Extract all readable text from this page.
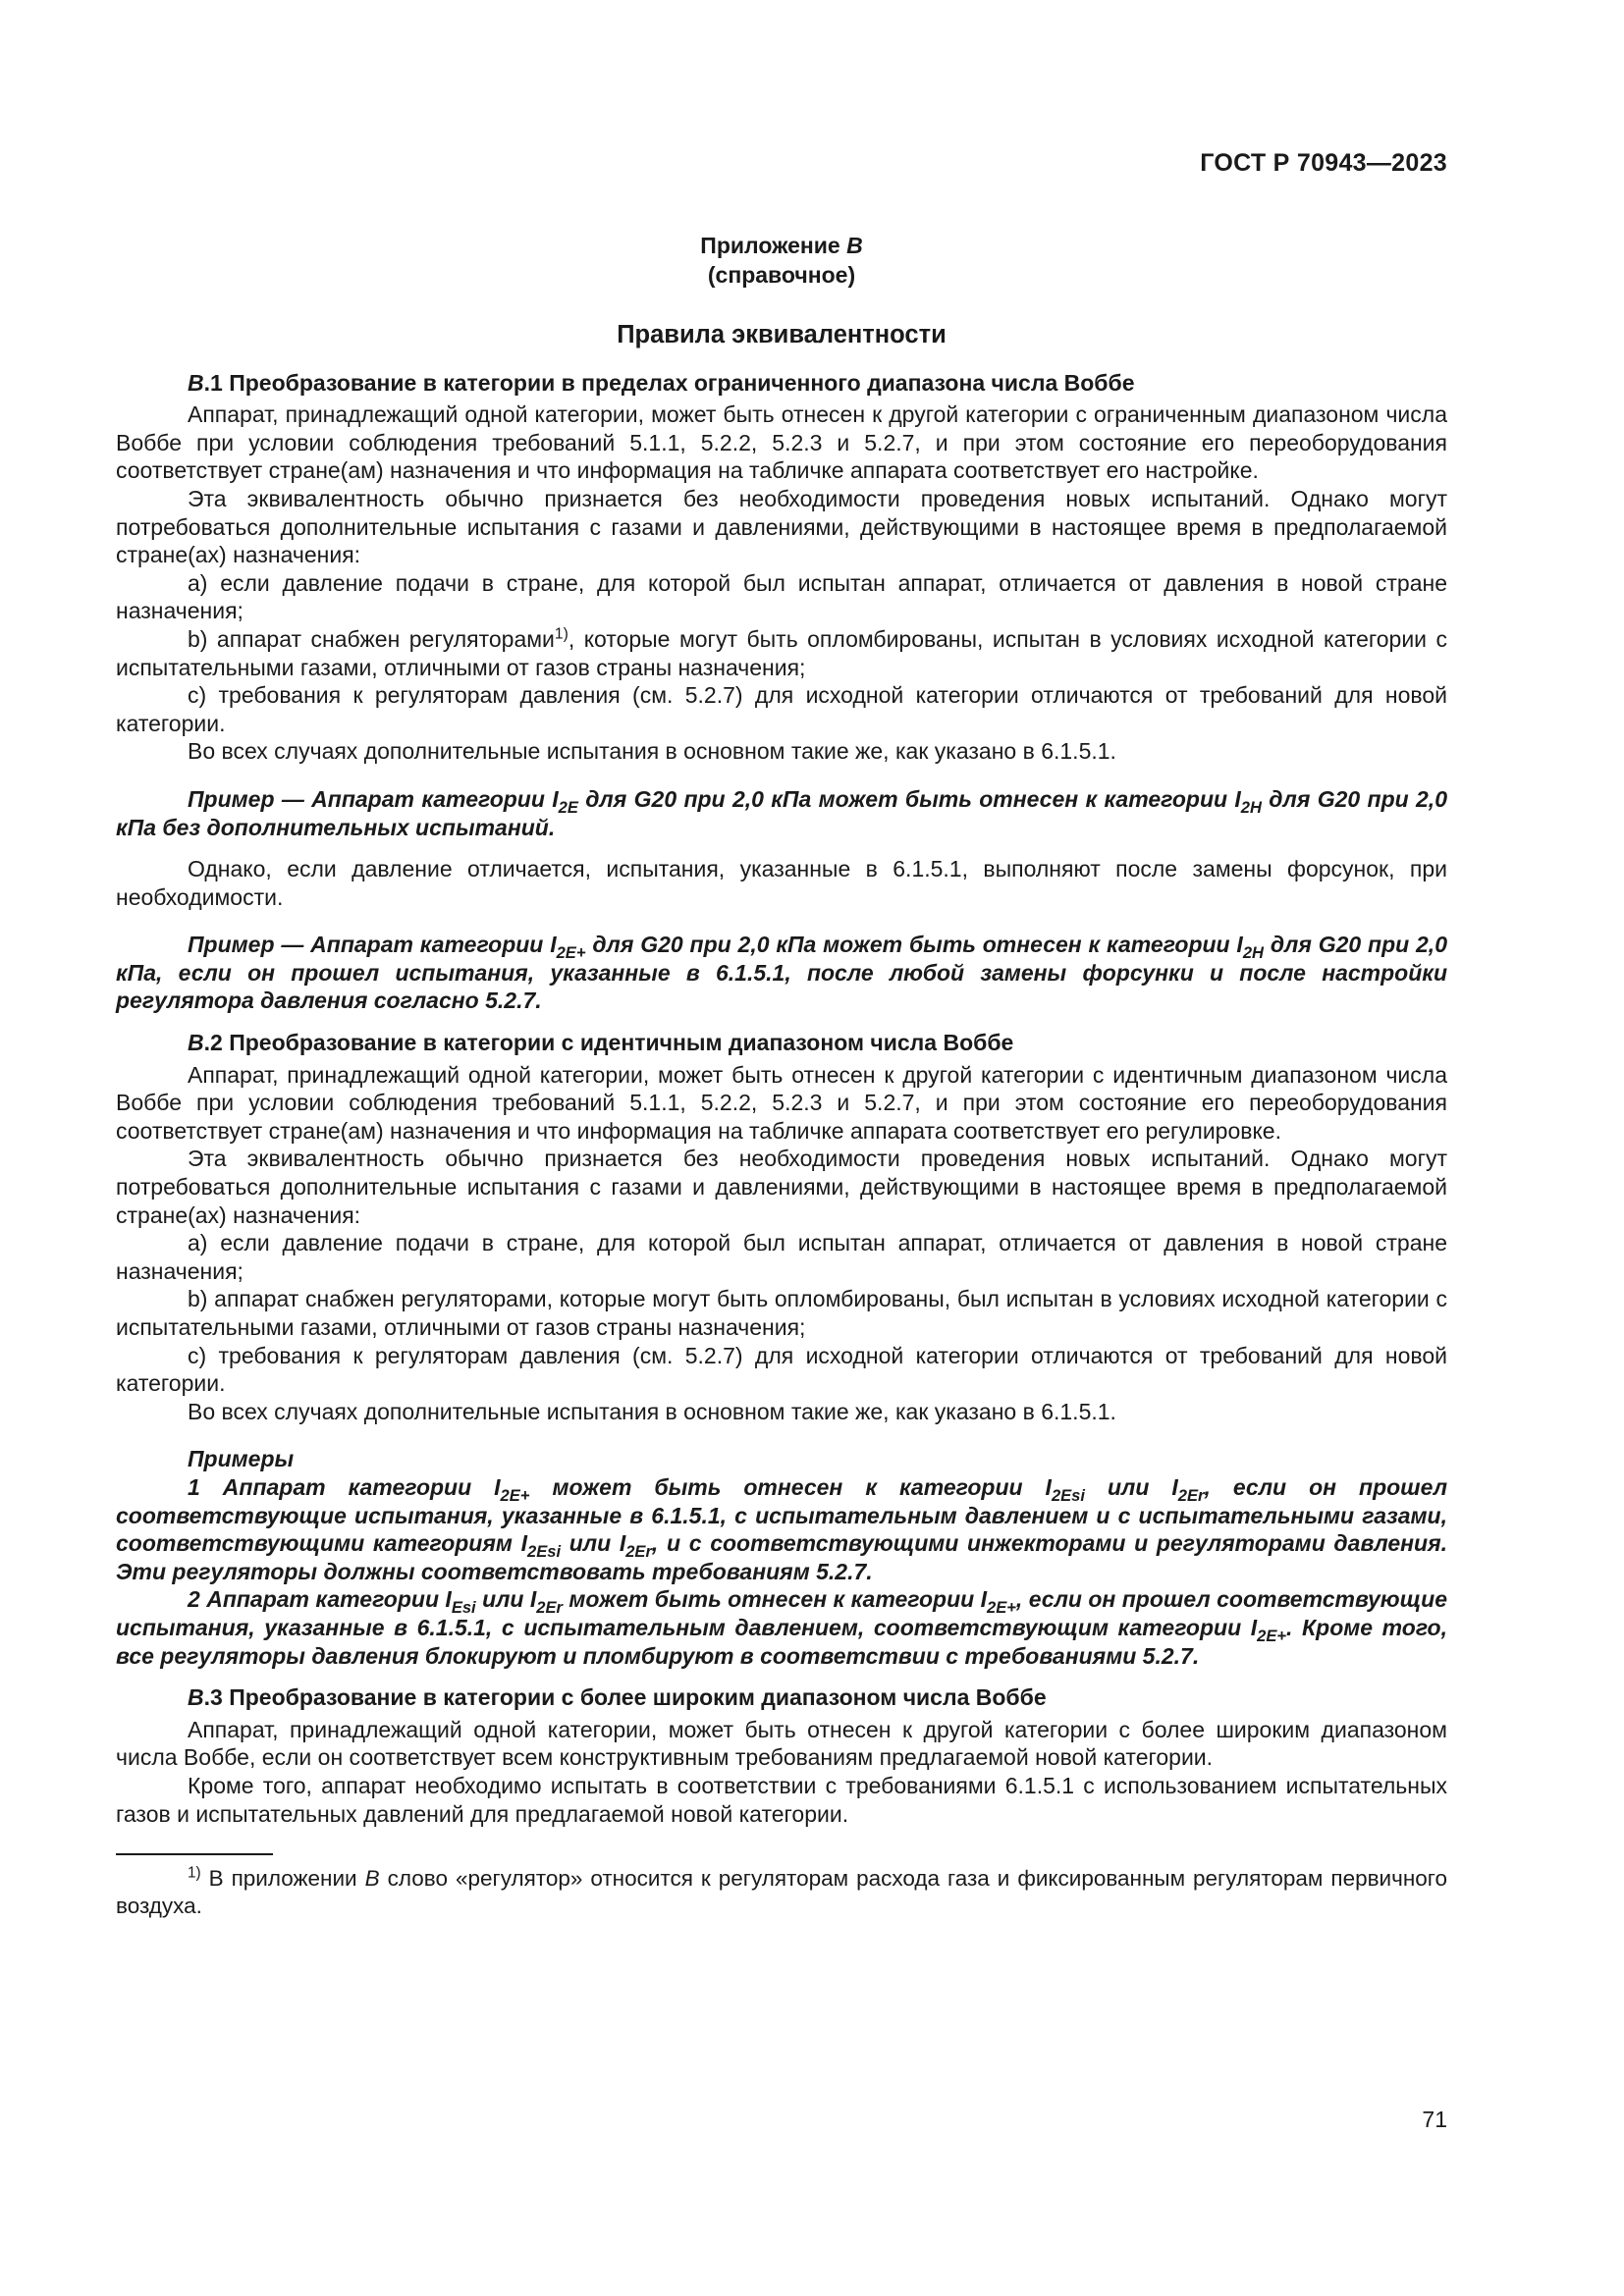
ГОСТ Р 70943—2023
Приложение B
(справочное)
Правила эквивалентности
B.1 Преобразование в категории в пределах ограниченного диапазона числа Воббе

Аппарат, принадлежащий одной категории, может быть отнесен к другой категории с ограниченным диапазоном числа Воббе при условии соблюдения требований 5.1.1, 5.2.2, 5.2.3 и 5.2.7, и при этом состояние его переоборудования соответствует стране(ам) назначения и что информация на табличке аппарата соответствует его настройке.

Эта эквивалентность обычно признается без необходимости проведения новых испытаний. Однако могут потребоваться дополнительные испытания с газами и давлениями, действующими в настоящее время в предполагаемой стране(ах) назначения:

a) если давление подачи в стране, для которой был испытан аппарат, отличается от давления в новой стране назначения;

b) аппарат снабжен регуляторами$^{1)}$, которые могут быть опломбированы, испытан в условиях исходной категории с испытательными газами, отличными от газов страны назначения;

c) требования к регуляторам давления (см. 5.2.7) для исходной категории отличаются от требований для новой категории.

Во всех случаях дополнительные испытания в основном такие же, как указано в 6.1.5.1.

Пример — Аппарат категории $I_{2E}$ для G20 при 2,0 кПа может быть отнесен к категории $I_{2H}$ для G20 при 2,0 кПа без дополнительных испытаний.

Однако, если давление отличается, испытания, указанные в 6.1.5.1, выполняют после замены форсунок, при необходимости.

Пример — Аппарат категории $I_{2E+}$ для G20 при 2,0 кПа может быть отнесен к категории $I_{2H}$ для G20 при 2,0 кПа, если он прошел испытания, указанные в 6.1.5.1, после любой замены форсунки и после настройки регулятора давления согласно 5.2.7.

B.2 Преобразование в категории с идентичным диапазоном числа Воббе

Аппарат, принадлежащий одной категории, может быть отнесен к другой категории с идентичным диапазоном числа Воббе при условии соблюдения требований 5.1.1, 5.2.2, 5.2.3 и 5.2.7, и при этом состояние его переоборудования соответствует стране(ам) назначения и что информация на табличке аппарата соответствует его регулировке.

Эта эквивалентность обычно признается без необходимости проведения новых испытаний. Однако могут потребоваться дополнительные испытания с газами и давлениями, действующими в настоящее время в предполагаемой стране(ах) назначения:

a) если давление подачи в стране, для которой был испытан аппарат, отличается от давления в новой стране назначения;

b) аппарат снабжен регуляторами, которые могут быть опломбированы, был испытан в условиях исходной категории с испытательными газами, отличными от газов страны назначения;

c) требования к регуляторам давления (см. 5.2.7) для исходной категории отличаются от требований для новой категории.

Во всех случаях дополнительные испытания в основном такие же, как указано в 6.1.5.1.

Примеры

1 Аппарат категории $I_{2E+}$ может быть отнесен к категории $I_{2Esi}$ или $I_{2Er}$, если он прошел соответствующие испытания, указанные в 6.1.5.1, с испытательным давлением и с испытательными газами, соответствующими категориям $I_{2Esi}$ или $I_{2Er}$, и с соответствующими инжекторами и регуляторами давления. Эти регуляторы должны соответствовать требованиям 5.2.7.

2 Аппарат категории $I_{Esi}$ или $I_{2Er}$ может быть отнесен к категории $I_{2E+}$, если он прошел соответствующие испытания, указанные в 6.1.5.1, с испытательным давлением, соответствующим категории $I_{2E+}$. Кроме того, все регуляторы давления блокируют и пломбируют в соответствии с требованиями 5.2.7.

B.3 Преобразование в категории с более широким диапазоном числа Воббе

Аппарат, принадлежащий одной категории, может быть отнесен к другой категории с более широким диапазоном числа Воббе, если он соответствует всем конструктивным требованиям предлагаемой новой категории.

Кроме того, аппарат необходимо испытать в соответствии с требованиями 6.1.5.1 с использованием испытательных газов и испытательных давлений для предлагаемой новой категории.

$^{1)}$ В приложении B слово «регулятор» относится к регуляторам расхода газа и фиксированным регуляторам первичного воздуха.

71
